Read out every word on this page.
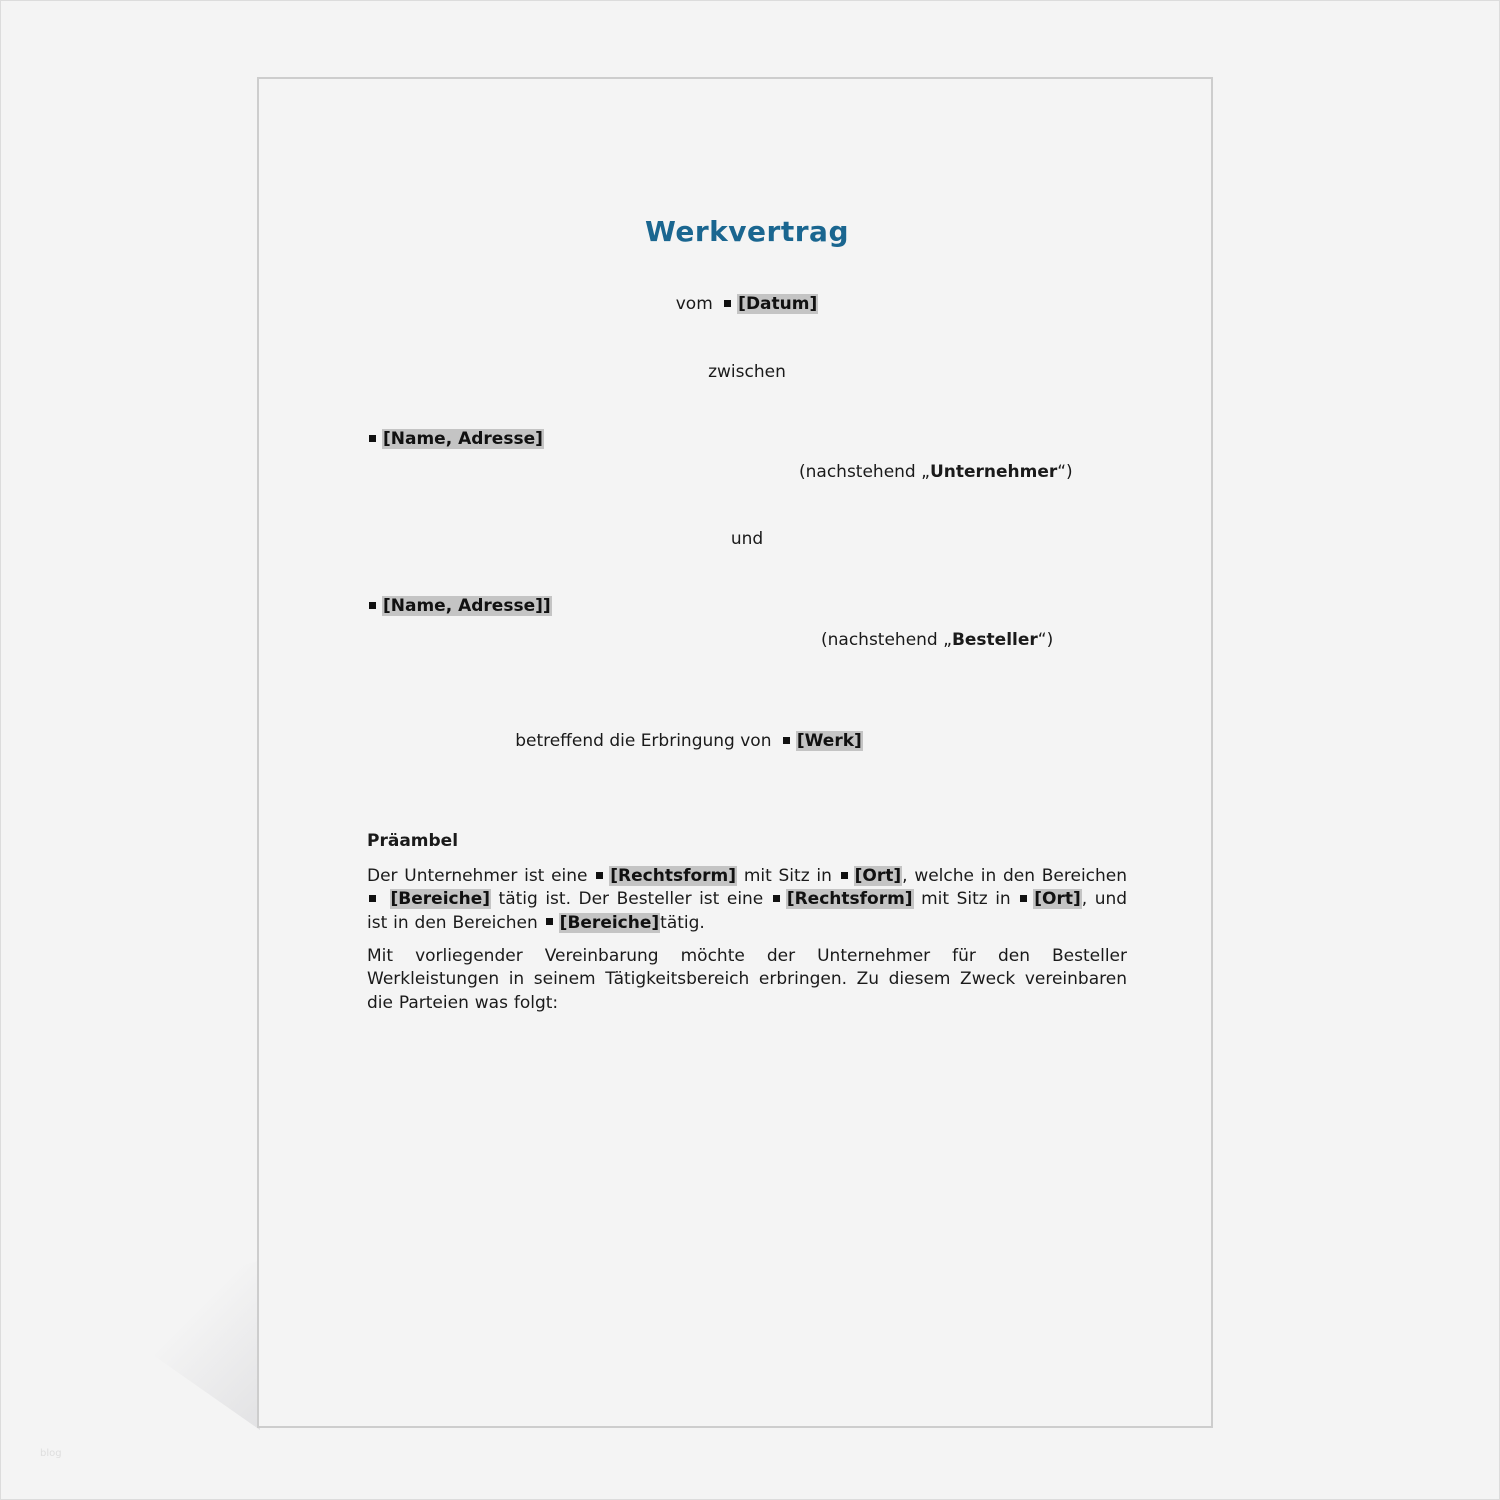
Werkvertrag
vom [Datum]
zwischen
[Name, Adresse]
(nachstehend „Unternehmer“)
und
[Name, Adresse]]
(nachstehend „Besteller“)
betreffend die Erbringung von [Werk]
Präambel
Der Unternehmer ist eine [Rechtsform] mit Sitz in [Ort], welche in den Bereichen  [Bereiche] tätig ist. Der Besteller ist eine [Rechtsform] mit Sitz in [Ort], und ist in den Bereichen [Bereiche]tätig.
Mit vorliegender Vereinbarung möchte der Unternehmer für den Besteller Werkleistungen in seinem Tätigkeitsbereich erbringen. Zu diesem Zweck vereinbaren die Parteien was folgt:
blog
